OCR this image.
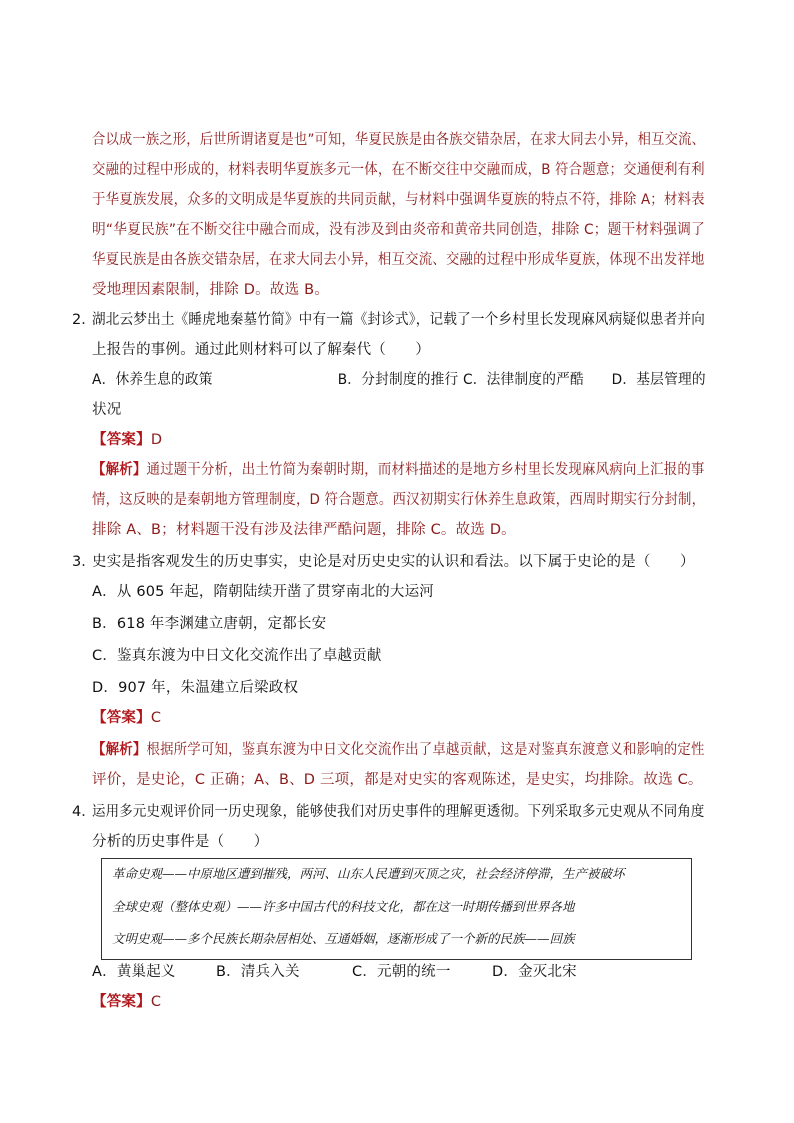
合以成一族之形，后世所谓诸夏是也”可知，华夏民族是由各族交错杂居，在求大同去小异，相互交流、
交融的过程中形成的，材料表明华夏族多元一体，在不断交往中交融而成，B 符合题意；交通便利有利
于华夏族发展，众多的文明成是华夏族的共同贡献，与材料中强调华夏族的特点不符，排除 A；材料表
明“华夏民族”在不断交往中融合而成，没有涉及到由炎帝和黄帝共同创造，排除 C；题干材料强调了
华夏民族是由各族交错杂居，在求大同去小异，相互交流、交融的过程中形成华夏族，体现不出发祥地
受地理因素限制，排除 D。故选 B。
2．
湖北云梦出土《睡虎地秦墓竹简》中有一篇《封诊式》，记载了一个乡村里长发现麻风病疑似患者并向
上报告的事例。通过此则材料可以了解秦代（　　）
A．休养生息的政策　　　　　　　　　B．分封制度的推行 C．法律制度的严酷　　D．基层管理的
状况
【答案】D
【解析】通过题干分析，出土竹简为秦朝时期，而材料描述的是地方乡村里长发现麻风病向上汇报的事
情，这反映的是秦朝地方管理制度，D 符合题意。西汉初期实行休养生息政策，西周时期实行分封制，
排除 A、B；材料题干没有涉及法律严酷问题，排除 C。故选 D。
3．
史实是指客观发生的历史事实，史论是对历史史实的认识和看法。以下属于史论的是（　　）
A．从 605 年起，隋朝陆续开凿了贯穿南北的大运河
B．618 年李渊建立唐朝，定都长安
C．鉴真东渡为中日文化交流作出了卓越贡献
D．907 年，朱温建立后梁政权
【答案】C
【解析】根据所学可知，鉴真东渡为中日文化交流作出了卓越贡献，这是对鉴真东渡意义和影响的定性
评价，是史论，C 正确；A、B、D 三项，都是对史实的客观陈述，是史实，均排除。故选 C。
4．
运用多元史观评价同一历史现象，能够使我们对历史事件的理解更透彻。下列采取多元史观从不同角度
分析的历史事件是（　　）
革命史观——中原地区遭到摧残，两河、山东人民遭到灭顶之灾，社会经济停滞，生产被破坏
全球史观（整体史观）——许多中国古代的科技文化，都在这一时期传播到世界各地
文明史观——多个民族长期杂居相处、互通婚姻，逐渐形成了一个新的民族——回族
A．黄巢起义	B．清兵入关	C．元朝的统一	D．金灭北宋
【答案】C
